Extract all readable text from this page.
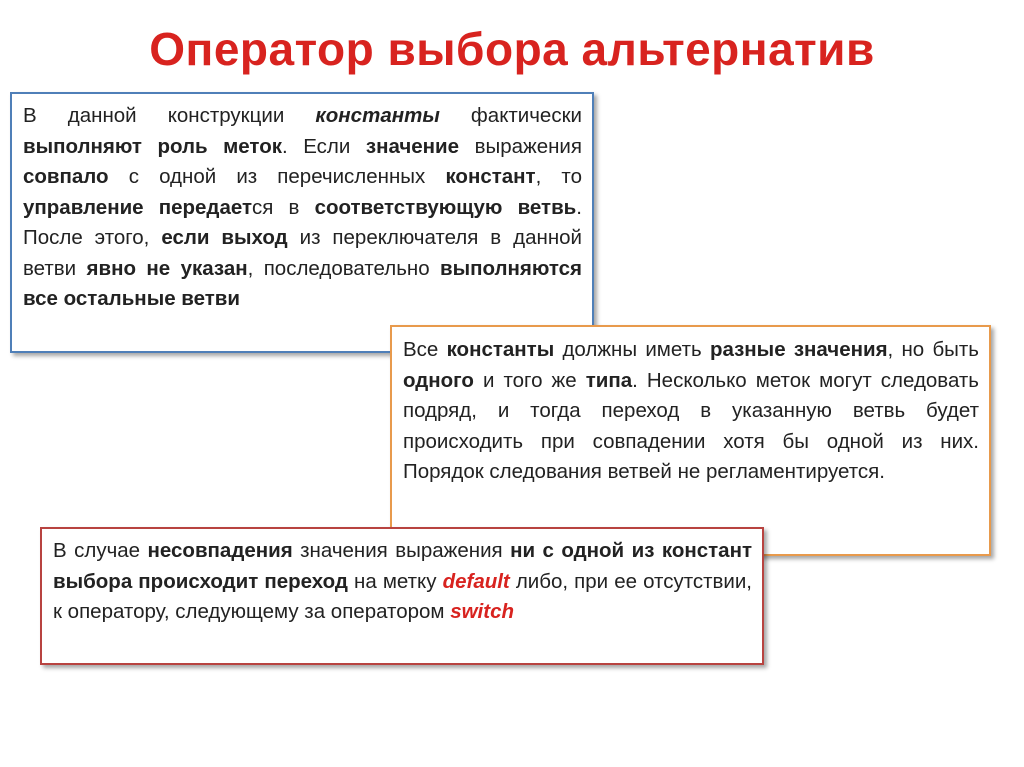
Оператор выбора альтернатив
В данной конструкции константы фактически выполняют роль меток. Если значение выражения совпало с одной из перечисленных констант, то управление передается в соответствующую ветвь. После этого, если выход из переключателя в данной ветви явно не указан, последовательно выполняются все остальные ветви
Все константы должны иметь разные значения, но быть одного и того же типа. Несколько меток могут следовать подряд, и тогда переход в указанную ветвь будет происходить при совпадении хотя бы одной из них. Порядок следования ветвей не регламентируется.
В случае несовпадения значения выражения ни с одной из констант выбора происходит переход на метку default либо, при ее отсутствии, к оператору, следующему за оператором switch
